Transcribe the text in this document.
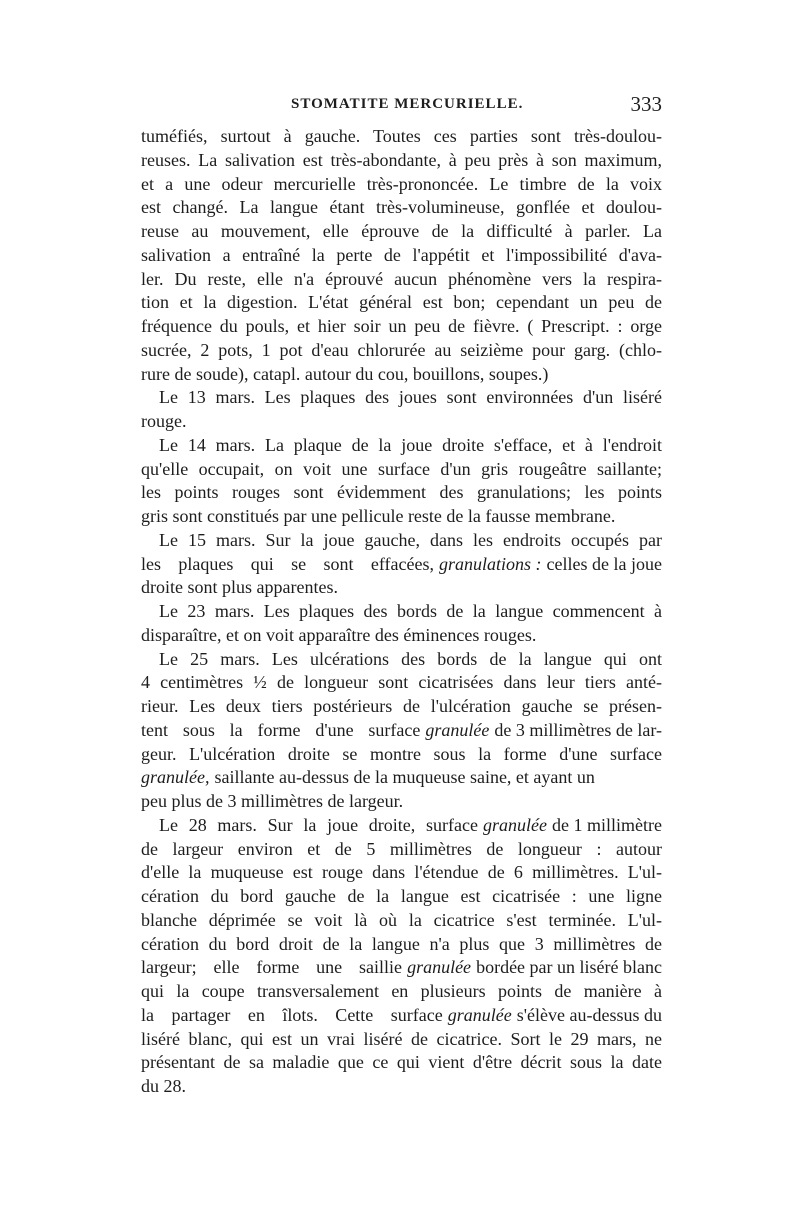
STOMATITE MERCURIELLE.	333
tuméfiés, surtout à gauche. Toutes ces parties sont très-doulou-
reuses. La salivation est très-abondante, à peu près à son maximum,
et a une odeur mercurielle très-prononcée. Le timbre de la voix
est changé. La langue étant très-volumineuse, gonflée et doulou-
reuse au mouvement, elle éprouve de la difficulté à parler. La
salivation a entraîné la perte de l'appétit et l'impossibilité d'ava-
ler. Du reste, elle n'a éprouvé aucun phénomène vers la respira-
tion et la digestion. L'état général est bon; cependant un peu de
fréquence du pouls, et hier soir un peu de fièvre. ( Prescript. : orge
sucrée, 2 pots, 1 pot d'eau chlorurée au seizième pour garg. (chlo-
rure de soude), catapl. autour du cou, bouillons, soupes.)
Le 13 mars. Les plaques des joues sont environnées d'un liséré
rouge.
Le 14 mars. La plaque de la joue droite s'efface, et à l'endroit
qu'elle occupait, on voit une surface d'un gris rougeâtre saillante;
les points rouges sont évidemment des granulations; les points
gris sont constitués par une pellicule reste de la fausse membrane.
Le 15 mars. Sur la joue gauche, dans les endroits occupés par
les plaques qui se sont effacées, granulations : celles de la joue
droite sont plus apparentes.
Le 23 mars. Les plaques des bords de la langue commencent à
disparaître, et on voit apparaître des éminences rouges.
Le 25 mars. Les ulcérations des bords de la langue qui ont
4 centimètres ½ de longueur sont cicatrisées dans leur tiers anté-
rieur. Les deux tiers postérieurs de l'ulcération gauche se présen-
tent sous la forme d'une surface granulée de 3 millimètres de lar-
geur. L'ulcération droite se montre sous la forme d'une surface
granulée, saillante au-dessus de la muqueuse saine, et ayant un
peu plus de 3 millimètres de largeur.
Le 28 mars. Sur la joue droite, surface granulée de 1 millimètre
de largeur environ et de 5 millimètres de longueur : autour
d'elle la muqueuse est rouge dans l'étendue de 6 millimètres. L'ul-
cération du bord gauche de la langue est cicatrisée : une ligne
blanche déprimée se voit là où la cicatrice s'est terminée. L'ul-
cération du bord droit de la langue n'a plus que 3 millimètres de
largeur; elle forme une saillie granulée bordée par un liséré blanc
qui la coupe transversalement en plusieurs points de manière à
la partager en îlots. Cette surface granulée s'élève au-dessus du
liséré blanc, qui est un vrai liséré de cicatrice. Sort le 29 mars, ne
présentant de sa maladie que ce qui vient d'être décrit sous la date
du 28.
